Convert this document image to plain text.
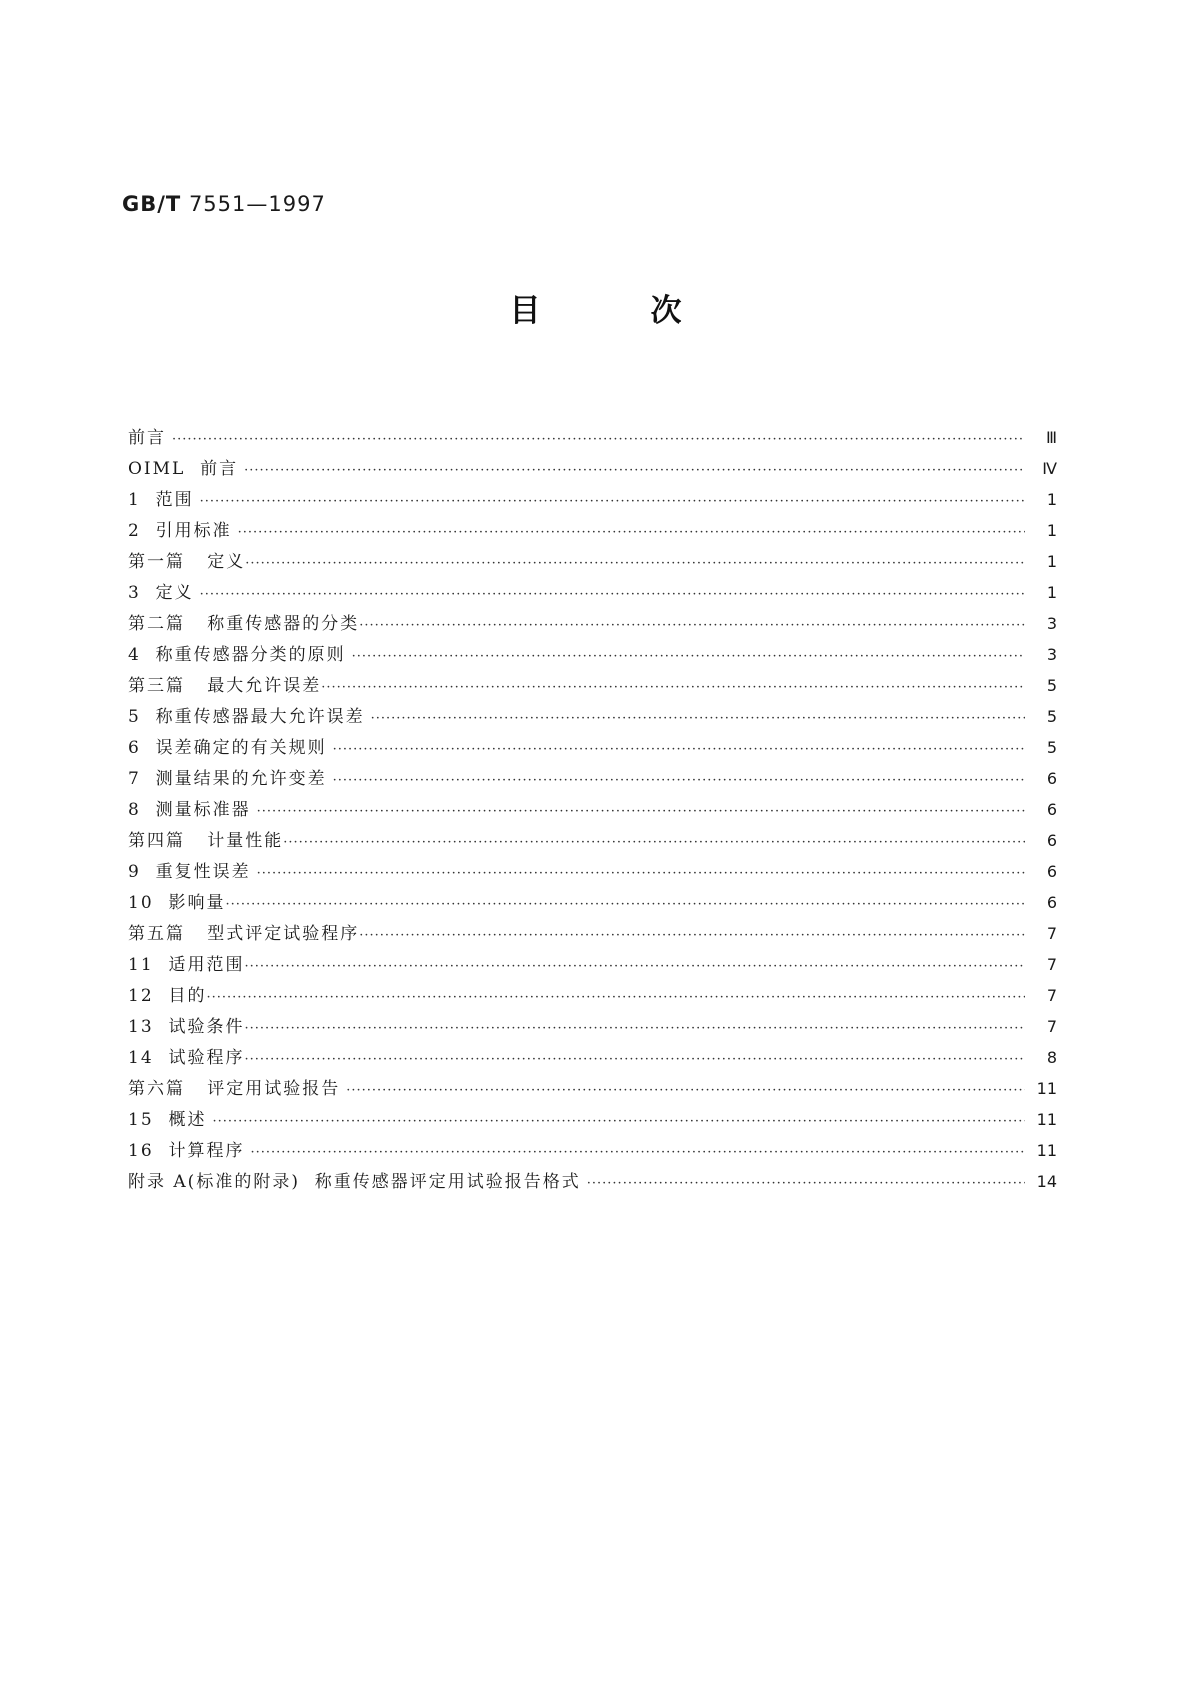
GB/T 7551—1997
目次
前言 ·····	Ⅲ
OIML  前言 ·····	Ⅳ
1  范围 ·····	1
2  引用标准 ·····	1
第一篇   定义 ·····	1
3  定义 ·····	1
第二篇   称重传感器的分类 ·····	3
4  称重传感器分类的原则 ·····	3
第三篇   最大允许误差 ·····	5
5  称重传感器最大允许误差 ·····	5
6  误差确定的有关规则 ·····	5
7  测量结果的允许变差 ·····	6
8  测量标准器 ·····	6
第四篇   计量性能 ·····	6
9  重复性误差 ·····	6
10  影响量 ·····	6
第五篇   型式评定试验程序 ·····	7
11  适用范围 ·····	7
12  目的 ·····	7
13  试验条件 ·····	7
14  试验程序 ·····	8
第六篇   评定用试验报告 ·····	11
15  概述 ·····	11
16  计算程序 ·····	11
附录 A(标准的附录)  称重传感器评定用试验报告格式 ·····	14
